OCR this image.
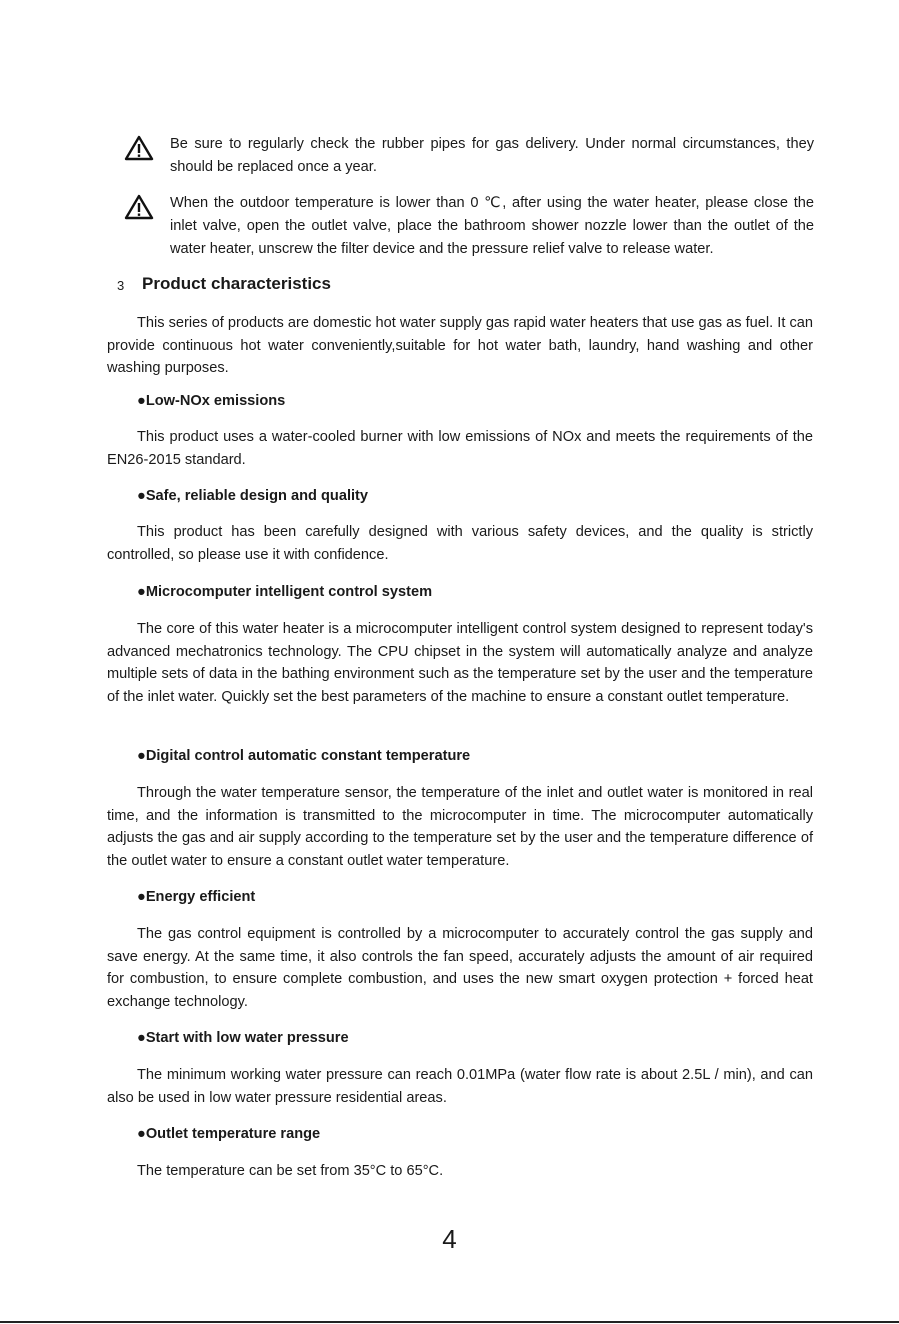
Be sure to regularly check the rubber pipes for gas delivery. Under normal circumstances, they should be replaced once a year.
When the outdoor temperature is lower than 0 ℃, after using the water heater, please close the inlet valve, open the outlet valve, place the bathroom shower nozzle lower than the outlet of the water heater, unscrew the filter device and the pressure relief valve to release water.
3 Product characteristics
This series of products are domestic hot water supply gas rapid water heaters that use gas as fuel. It can provide continuous hot water conveniently,suitable for hot water bath, laundry, hand washing and other washing purposes.
●Low-NOx emissions
This product uses a water-cooled burner with low emissions of NOx and meets the requirements of the EN26-2015 standard.
●Safe, reliable design and quality
This product has been carefully designed with various safety devices, and the quality is strictly controlled, so please use it with confidence.
●Microcomputer intelligent control system
The core of this water heater is a microcomputer intelligent control system designed to represent today's advanced mechatronics technology. The CPU chipset in the system will automatically analyze and analyze multiple sets of data in the bathing environment such as the temperature set by the user and the temperature of the inlet water. Quickly set the best parameters of the machine to ensure a constant outlet temperature.
●Digital control automatic constant temperature
Through the water temperature sensor, the temperature of the inlet and outlet water is monitored in real time, and the information is transmitted to the microcomputer in time. The microcomputer automatically adjusts the gas and air supply according to the temperature set by the user and the temperature difference of the outlet water to ensure a constant outlet water temperature.
●Energy efficient
The gas control equipment is controlled by a microcomputer to accurately control the gas supply and save energy. At the same time, it also controls the fan speed, accurately adjusts the amount of air required for combustion, to ensure complete combustion, and uses the new smart oxygen protection + forced heat exchange technology.
●Start with low water pressure
The minimum working water pressure can reach 0.01MPa (water flow rate is about 2.5L / min), and can also be used in low water pressure residential areas.
●Outlet temperature range
The temperature can be set from 35°C to 65°C.
4
